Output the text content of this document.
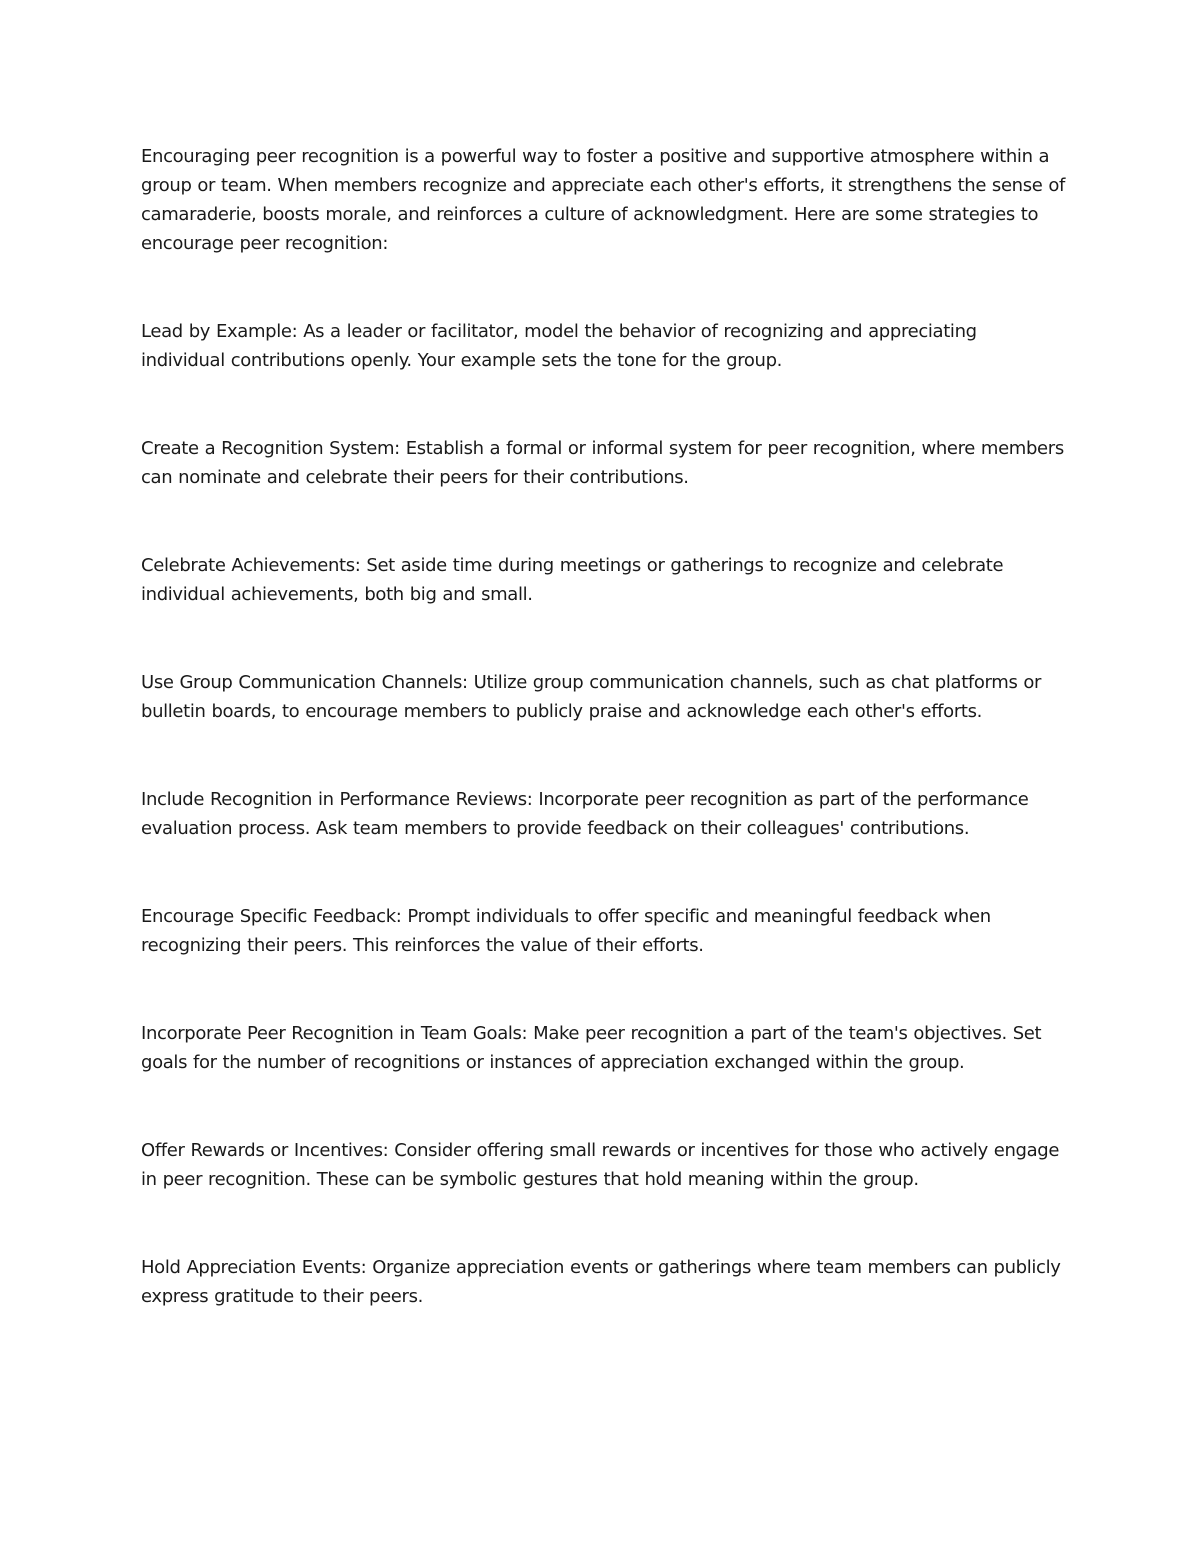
Encouraging peer recognition is a powerful way to foster a positive and supportive atmosphere within a group or team. When members recognize and appreciate each other's efforts, it strengthens the sense of camaraderie, boosts morale, and reinforces a culture of acknowledgment. Here are some strategies to encourage peer recognition:

Lead by Example: As a leader or facilitator, model the behavior of recognizing and appreciating individual contributions openly. Your example sets the tone for the group.

Create a Recognition System: Establish a formal or informal system for peer recognition, where members can nominate and celebrate their peers for their contributions.

Celebrate Achievements: Set aside time during meetings or gatherings to recognize and celebrate individual achievements, both big and small.

Use Group Communication Channels: Utilize group communication channels, such as chat platforms or bulletin boards, to encourage members to publicly praise and acknowledge each other's efforts.

Include Recognition in Performance Reviews: Incorporate peer recognition as part of the performance evaluation process. Ask team members to provide feedback on their colleagues' contributions.

Encourage Specific Feedback: Prompt individuals to offer specific and meaningful feedback when recognizing their peers. This reinforces the value of their efforts.

Incorporate Peer Recognition in Team Goals: Make peer recognition a part of the team's objectives. Set goals for the number of recognitions or instances of appreciation exchanged within the group.

Offer Rewards or Incentives: Consider offering small rewards or incentives for those who actively engage in peer recognition. These can be symbolic gestures that hold meaning within the group.

Hold Appreciation Events: Organize appreciation events or gatherings where team members can publicly express gratitude to their peers.
